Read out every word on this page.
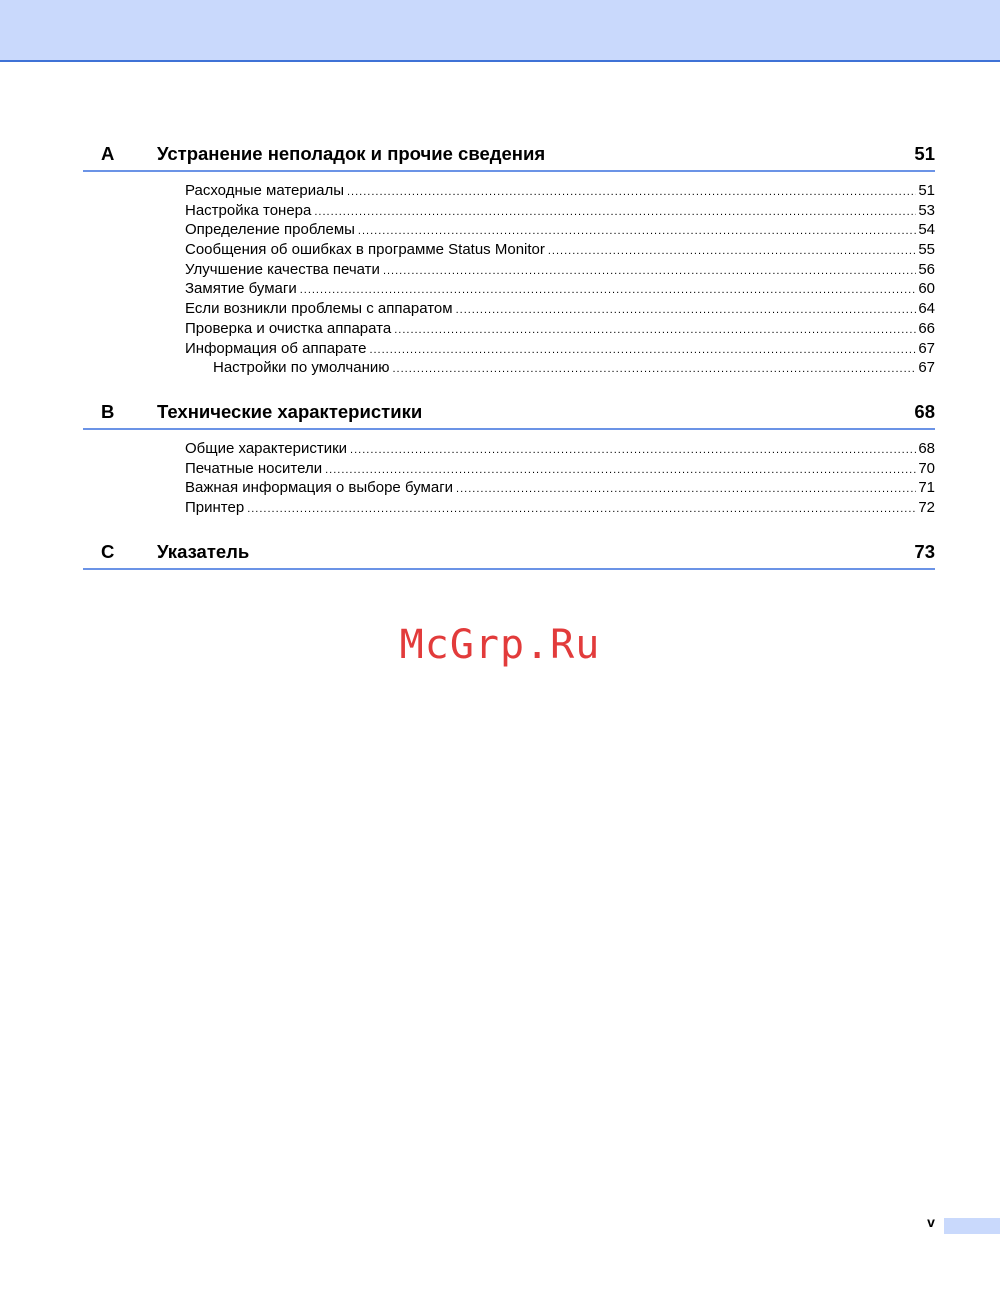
A	Устранение неполадок и прочие сведения	51
Расходные материалы .....	51
Настройка тонера .....	53
Определение проблемы .....	54
Сообщения об ошибках в программе Status Monitor .....	55
Улучшение качества печати .....	56
Замятие бумаги .....	60
Если возникли проблемы с аппаратом .....	64
Проверка и очистка аппарата .....	66
Информация об аппарате .....	67
Настройки по умолчанию .....	67
B	Технические характеристики	68
Общие характеристики .....	68
Печатные носители .....	70
Важная информация о выборе бумаги .....	71
Принтер .....	72
C	Указатель	73
McGrp.Ru
v
